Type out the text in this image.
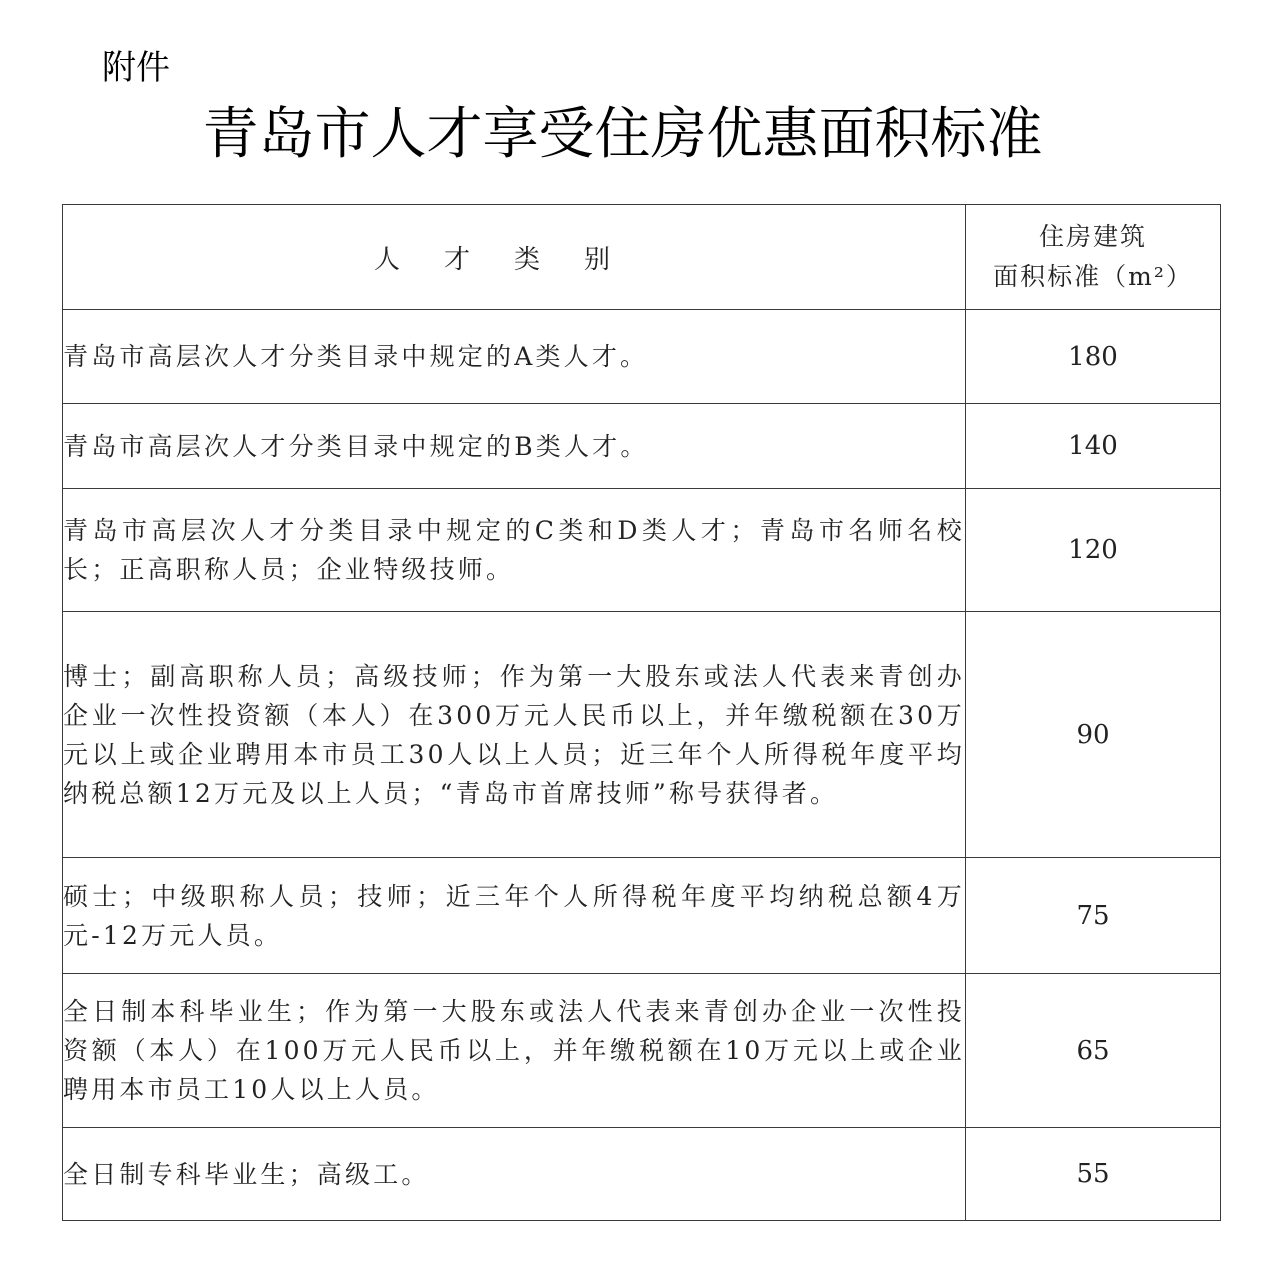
附件
青岛市人才享受住房优惠面积标准
人才类别	住房建筑
面积标准（m²）

青岛市高层次人才分类目录中规定的A类人才。	180
青岛市高层次人才分类目录中规定的B类人才。	140
青岛市高层次人才分类目录中规定的C类和D类人才；青岛市名师名校长；正高职称人员；企业特级技师。	120
博士；副高职称人员；高级技师；作为第一大股东或法人代表来青创办企业一次性投资额（本人）在300万元人民币以上，并年缴税额在30万元以上或企业聘用本市员工30人以上人员；近三年个人所得税年度平均纳税总额12万元及以上人员；“青岛市首席技师”称号获得者。	90
硕士；中级职称人员；技师；近三年个人所得税年度平均纳税总额4万元-12万元人员。	75
全日制本科毕业生；作为第一大股东或法人代表来青创办企业一次性投资额（本人）在100万元人民币以上，并年缴税额在10万元以上或企业聘用本市员工10人以上人员。	65
全日制专科毕业生；高级工。	55
